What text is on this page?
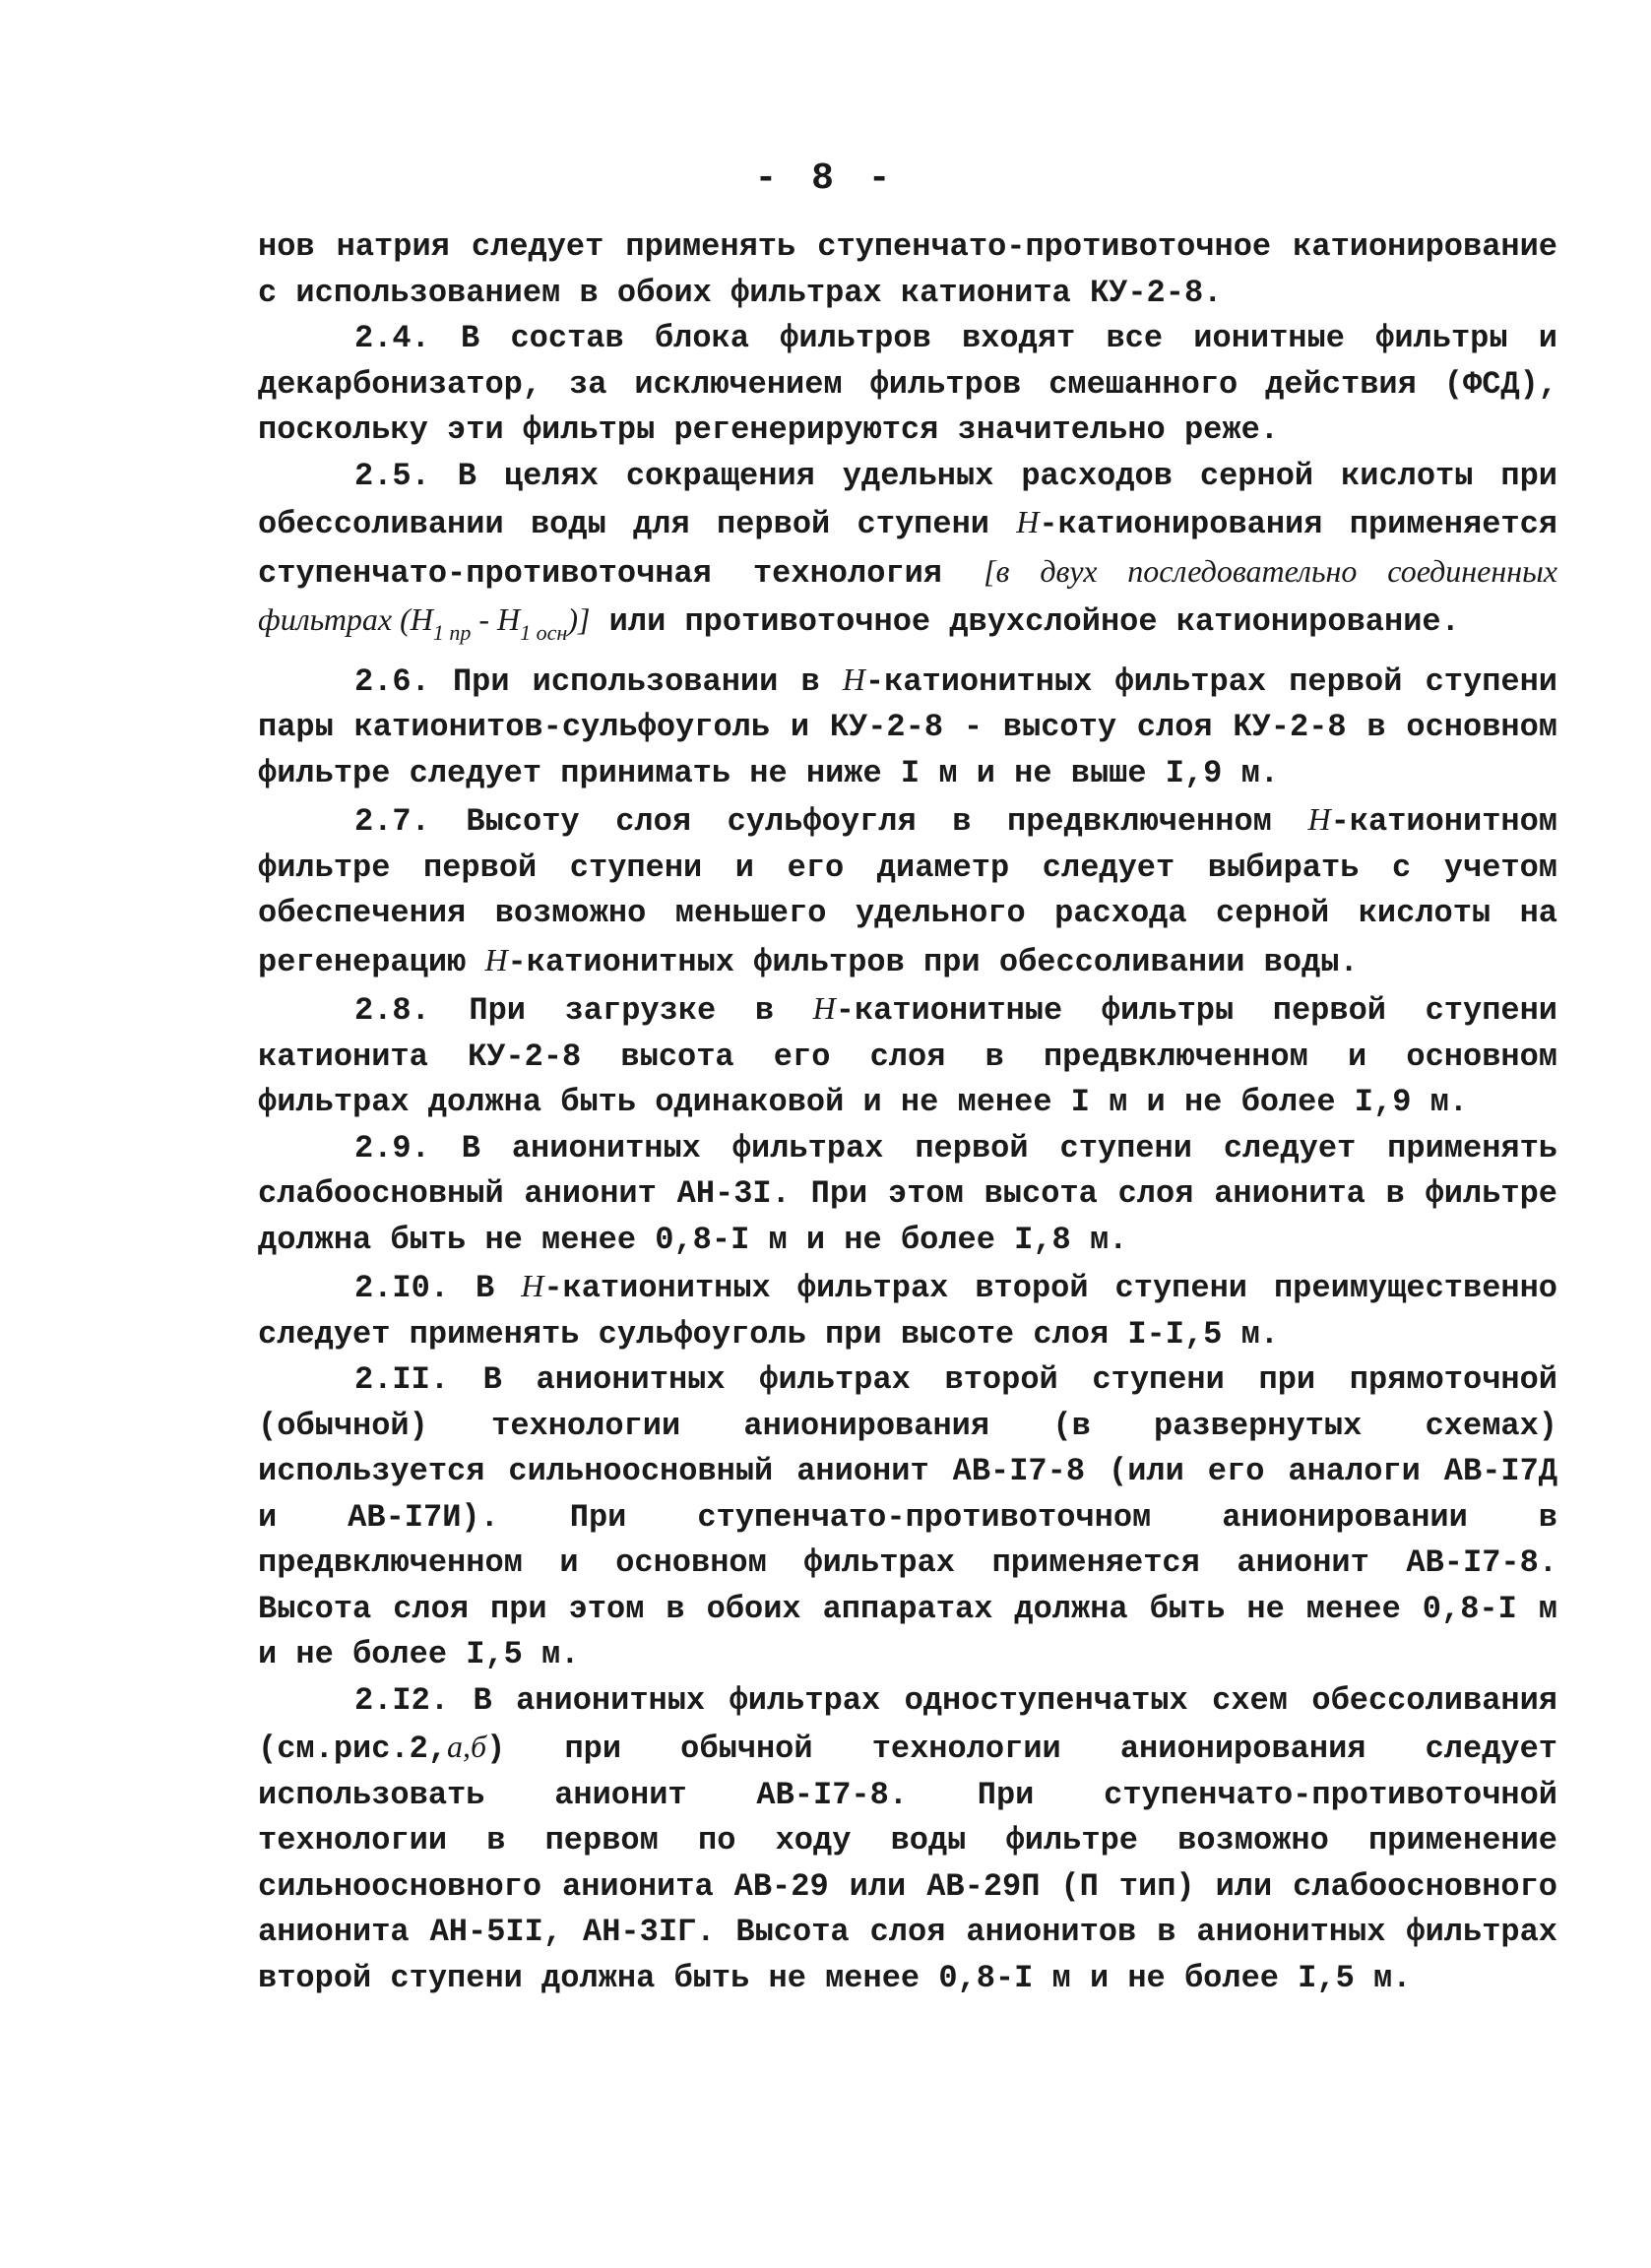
- 8 -

нов натрия следует применять ступенчато-противоточное катионирование с использованием в обоих фильтрах катионита КУ-2-8.

2.4. В состав блока фильтров входят все ионитные фильтры и декарбонизатор, за исключением фильтров смешанного действия (ФСД), поскольку эти фильтры регенерируются значительно реже.

2.5. В целях сокращения удельных расходов серной кислоты при обессоливании воды для первой ступени Н-катионирования применяется ступенчато-противоточная технология [в двух последовательно соединенных фильтрах $(Н_{1 пр} - Н_{1 осн})$] или противоточное двухслойное катионирование.

2.6. При использовании в Н-катионитных фильтрах первой ступени пары катионитов-сульфоуголь и КУ-2-8 - высоту слоя КУ-2-8 в основном фильтре следует принимать не ниже I м и не выше I,9 м.

2.7. Высоту слоя сульфоугля в предвключенном Н-катионитном фильтре первой ступени и его диаметр следует выбирать с учетом обеспечения возможно меньшего удельного расхода серной кислоты на регенерацию Н-катионитных фильтров при обессоливании воды.

2.8. При загрузке в Н-катионитные фильтры первой ступени катионита КУ-2-8 высота его слоя в предвключенном и основном фильтрах должна быть одинаковой и не менее I м и не более I,9 м.

2.9. В анионитных фильтрах первой ступени следует применять слабоосновный анионит АН-3I. При этом высота слоя анионита в фильтре должна быть не менее 0,8-I м и не более I,8 м.

2.I0. В Н-катионитных фильтрах второй ступени преимущественно следует применять сульфоуголь при высоте слоя I-I,5 м.

2.II. В анионитных фильтрах второй ступени при прямоточной (обычной) технологии анионирования (в развернутых схемах) используется сильноосновный анионит АВ-I7-8 (или его аналоги АВ-I7Д и АВ-I7И). При ступенчато-противоточном анионировании в предвключенном и основном фильтрах применяется анионит АВ-I7-8. Высота слоя при этом в обоих аппаратах должна быть не менее 0,8-I м и не более I,5 м.

2.I2. В анионитных фильтрах одноступенчатых схем обессоливания (см.рис.2,а,б) при обычной технологии анионирования следует использовать анионит АВ-I7-8. При ступенчато-противоточной технологии в первом по ходу воды фильтре возможно применение сильноосновного анионита АВ-29 или АВ-29П (П тип) или слабоосновного анионита АН-5II, АН-3IГ. Высота слоя анионитов в анионитных фильтрах второй ступени должна быть не менее 0,8-I м и не более I,5 м.
